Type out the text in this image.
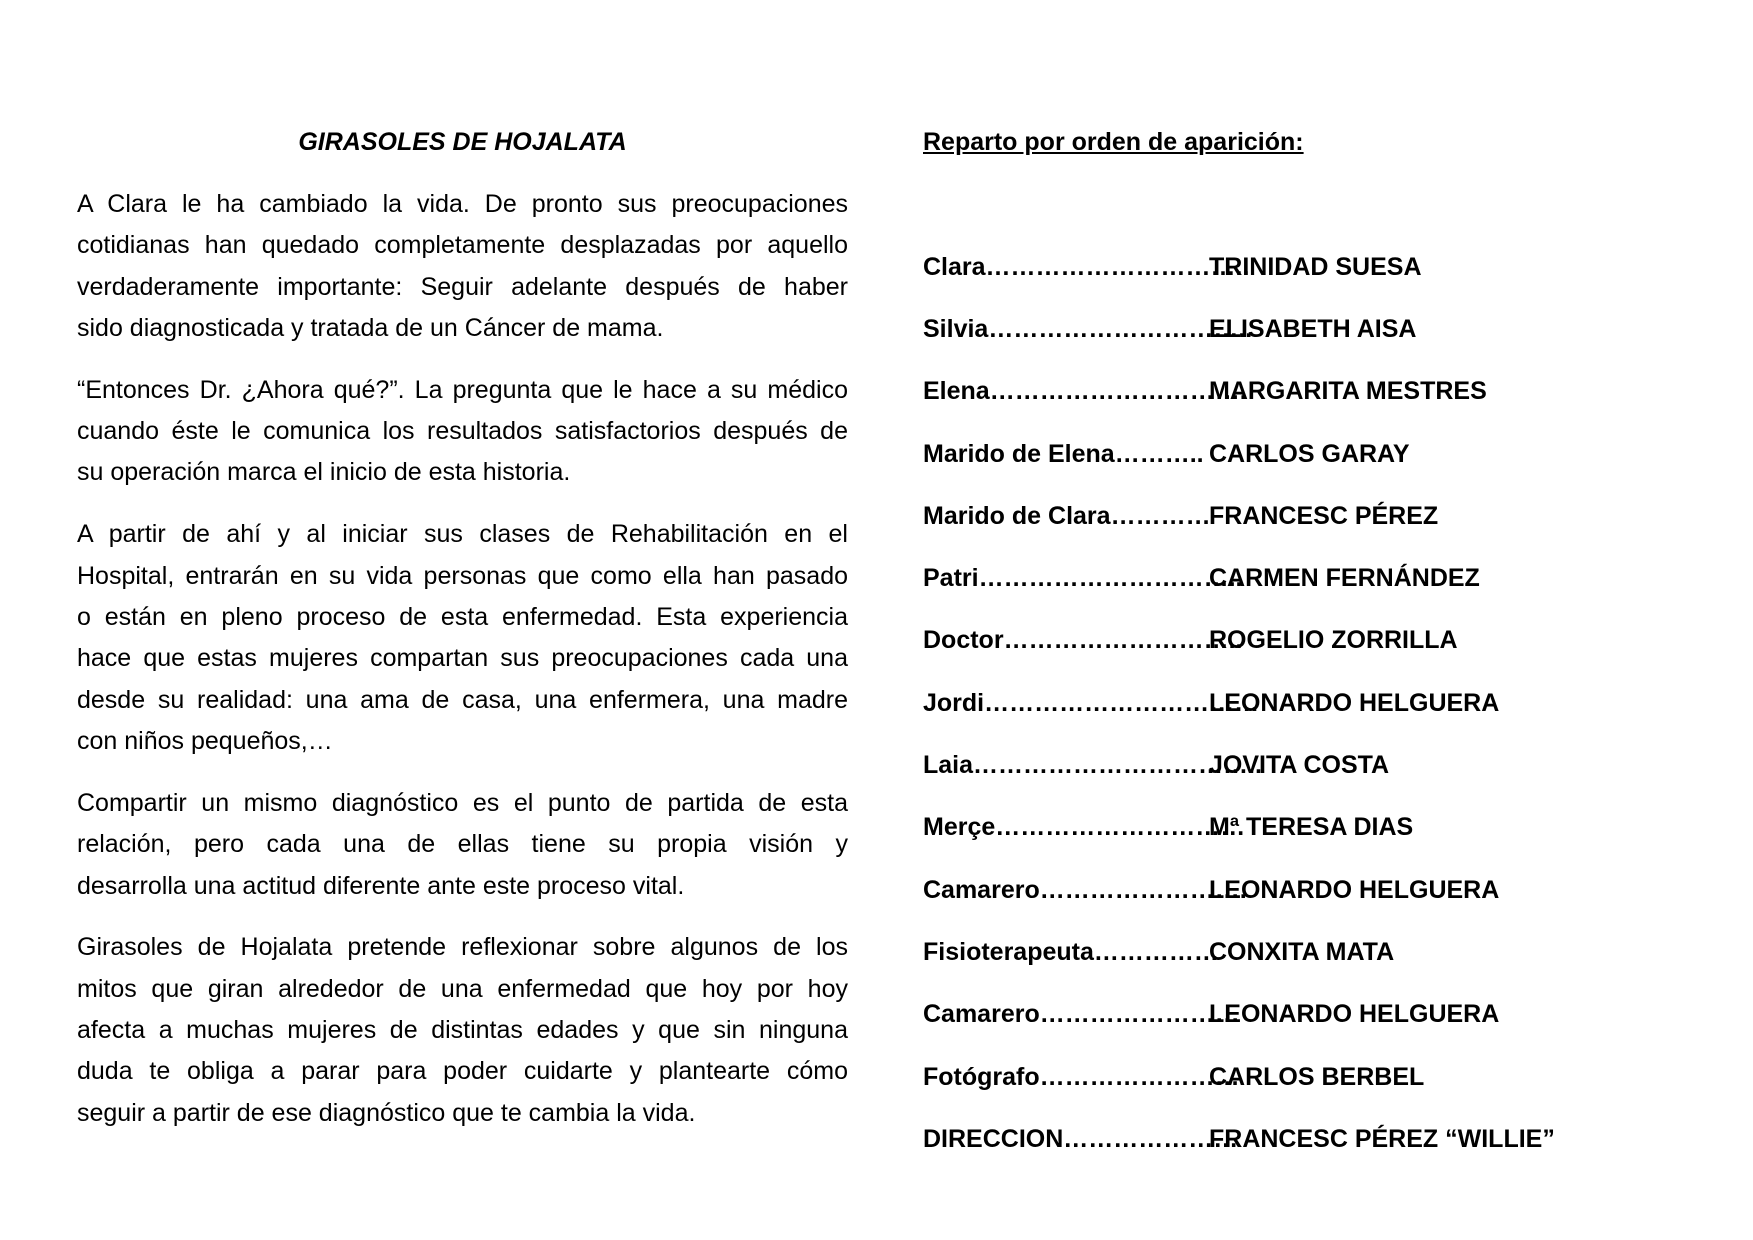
GIRASOLES DE HOJALATA
A Clara le ha cambiado la vida. De pronto sus preocupaciones
cotidianas han quedado completamente desplazadas por aquello
verdaderamente importante: Seguir adelante después de haber
sido diagnosticada y tratada de un Cáncer de mama.
“Entonces Dr. ¿Ahora qué?”. La pregunta que le hace a su médico
cuando éste le comunica los resultados satisfactorios después de
su operación marca el inicio de esta historia.
A partir de ahí y al iniciar sus clases de Rehabilitación en el
Hospital, entrarán en su vida personas que como ella han pasado
o están en pleno proceso de esta enfermedad. Esta experiencia
hace que estas mujeres compartan sus preocupaciones cada una
desde su realidad: una ama de casa, una enfermera, una madre
con niños pequeños,…
Compartir un mismo diagnóstico es el punto de partida de esta
relación, pero cada una de ellas tiene su propia visión y
desarrolla una actitud diferente ante este proceso vital.
Girasoles de Hojalata pretende reflexionar sobre algunos de los
mitos que giran alrededor de una enfermedad que hoy por hoy
afecta a muchas mujeres de distintas edades y que sin ninguna
duda te obliga a parar para poder cuidarte y plantearte cómo
seguir a partir de ese diagnóstico que te cambia la vida.
Reparto por orden de aparición:
Clara …………………………..
TRINIDAD SUESA
Silvia …………………………..
ELISABETH AISA
Elena ………………………….
MARGARITA MESTRES
Marido de Elena ……….. CARLOS GARAY
Marido de Clara …………
FRANCESC PÉREZ
Patri …………………………..
CARMEN FERNÁNDEZ
Doctor ………………………..
ROGELIO ZORRILLA
Jordi ……………………………
LEONARDO HELGUERA
Laia ……………………………..
JOVITA COSTA
Merçe …………………………
Mª TERESA DIAS
Camarero …………………….
LEONARDO HELGUERA
Fisioterapeuta ……………
CONXITA MATA
Camarero ……………………
LEONARDO HELGUERA
Fotógrafo ……………………
CARLOS BERBEL
DIRECCION …………………
FRANCESC PÉREZ “WILLIE”
